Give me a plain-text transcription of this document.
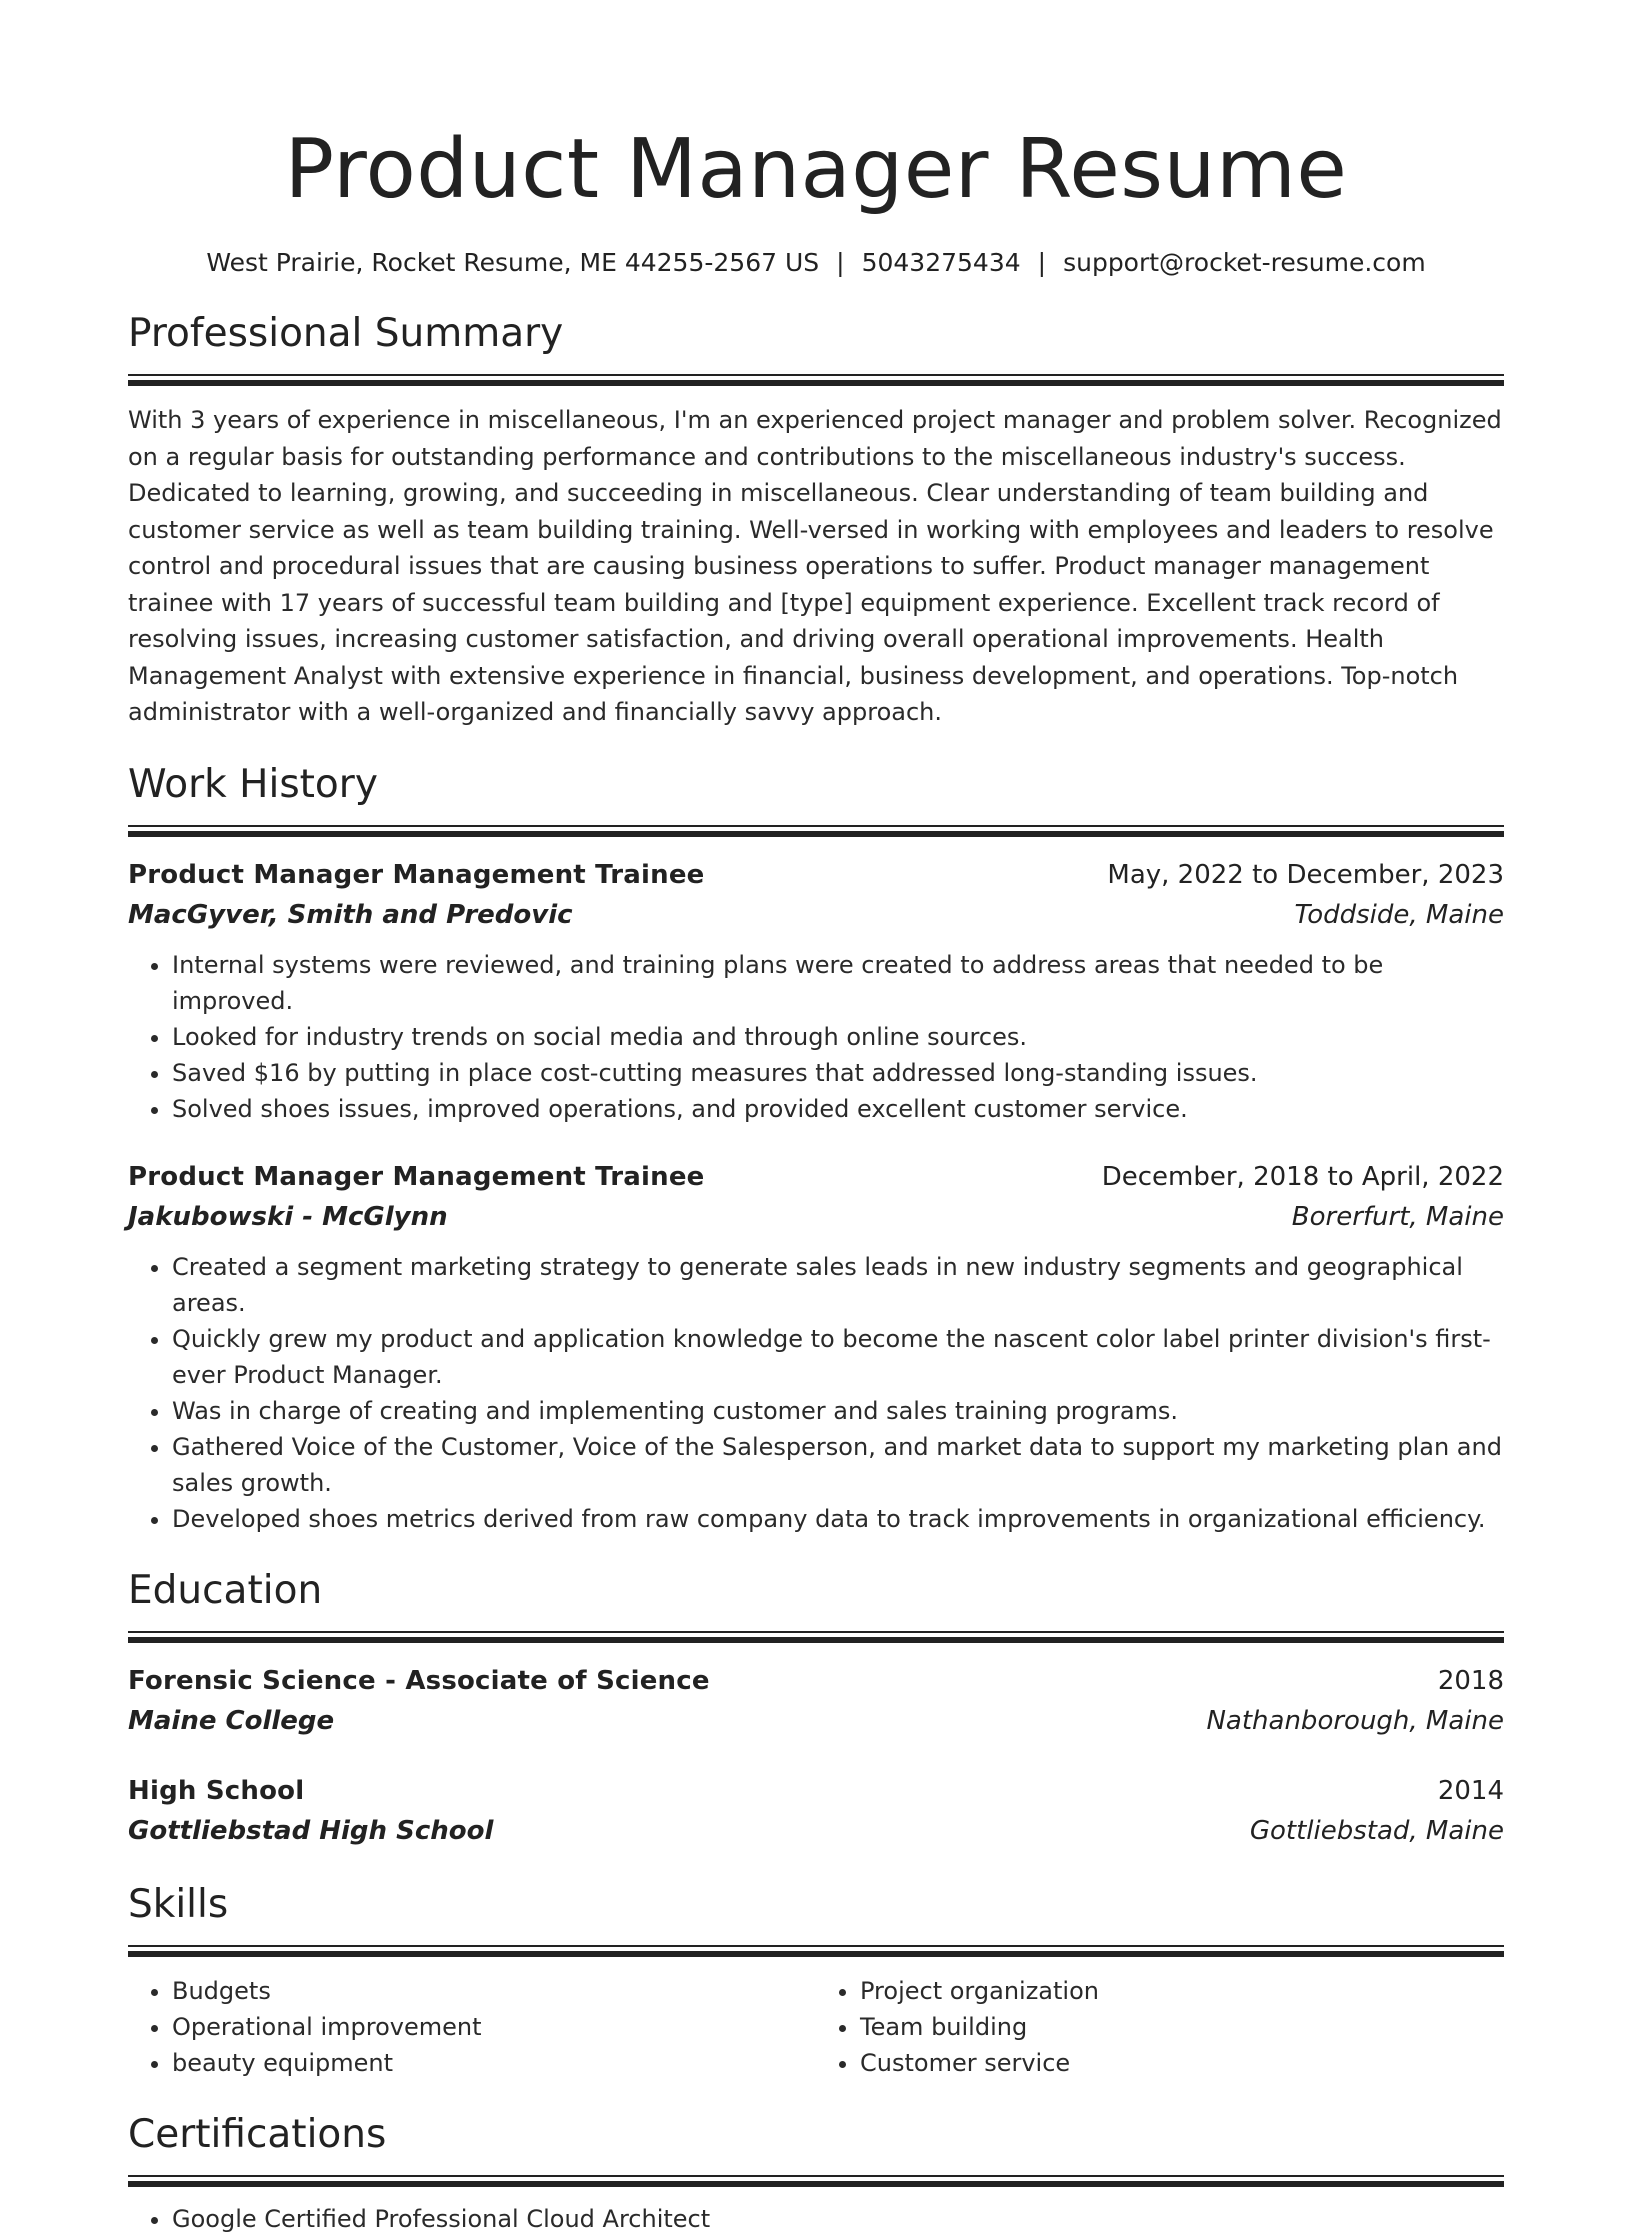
Product Manager Resume
West Prairie, Rocket Resume, ME 44255-2567 US | 5043275434 | support@rocket-resume.com
Professional Summary

With 3 years of experience in miscellaneous, I'm an experienced project manager and problem solver. Recognized on a regular basis for outstanding performance and contributions to the miscellaneous industry's success. Dedicated to learning, growing, and succeeding in miscellaneous. Clear understanding of team building and customer service as well as team building training. Well-versed in working with employees and leaders to resolve control and procedural issues that are causing business operations to suffer. Product manager management trainee with 17 years of successful team building and [type] equipment experience. Excellent track record of resolving issues, increasing customer satisfaction, and driving overall operational improvements. Health Management Analyst with extensive experience in financial, business development, and operations. Top-notch administrator with a well-organized and financially savvy approach.

Work History
Product Manager Management Trainee	May, 2022 to December, 2023
MacGyver, Smith and Predovic	Toddside, Maine
• Internal systems were reviewed, and training plans were created to address areas that needed to be improved.
• Looked for industry trends on social media and through online sources.
• Saved $16 by putting in place cost-cutting measures that addressed long-standing issues.
• Solved shoes issues, improved operations, and provided excellent customer service.
Product Manager Management Trainee	December, 2018 to April, 2022
Jakubowski - McGlynn	Borerfurt, Maine
• Created a segment marketing strategy to generate sales leads in new industry segments and geographical areas.
• Quickly grew my product and application knowledge to become the nascent color label printer division's first-ever Product Manager.
• Was in charge of creating and implementing customer and sales training programs.
• Gathered Voice of the Customer, Voice of the Salesperson, and market data to support my marketing plan and sales growth.
• Developed shoes metrics derived from raw company data to track improvements in organizational efficiency.
Education
Forensic Science - Associate of Science	2018
Maine College	Nathanborough, Maine
High School	2014
Gottliebstad High School	Gottliebstad, Maine
Skills
• Budgets
• Operational improvement
• beauty equipment
• Project organization
• Team building
• Customer service
Certifications
• Google Certified Professional Cloud Architect
